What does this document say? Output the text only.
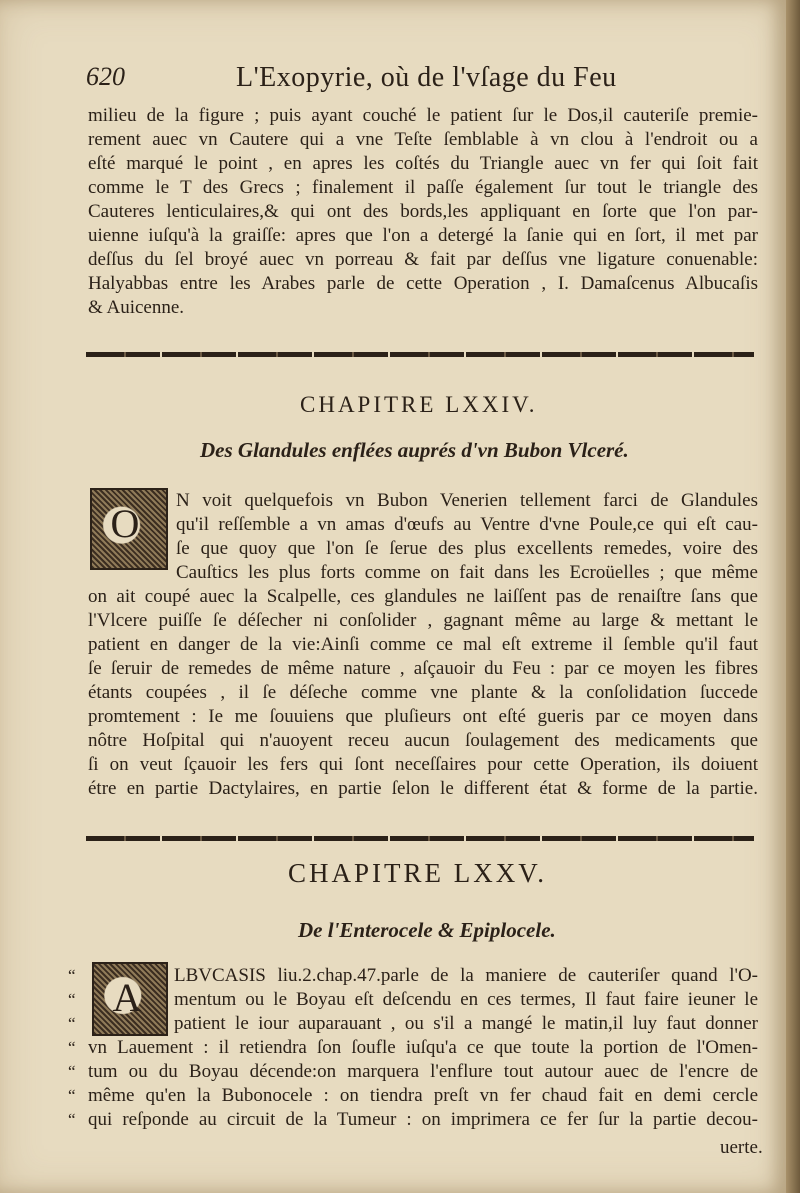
620	L'Exopyrie, où de l'vſage du Feu
milieu de la figure ; puis ayant couché le patient ſur le Dos,il cauteriſe premie-
rement auec vn Cautere qui a vne Teſte ſemblable à vn clou à l'endroit ou a
eſté marqué le point , en apres les coſtés du Triangle auec vn fer qui ſoit fait
comme le T des Grecs ; finalement il paſſe également ſur tout le triangle des
Cauteres lenticulaires,& qui ont des bords,les appliquant en ſorte que l'on par-
uienne iuſqu'à la graiſſe: apres que l'on a detergé la ſanie qui en ſort, il met par
deſſus du ſel broyé auec vn porreau & fait par deſſus vne ligature conuenable:
Halyabbas entre les Arabes parle de cette Operation , I. Damaſcenus Albucaſis
& Auicenne.
CHAPITRE LXXIV.
Des Glandules enflées auprés d'vn Bubon Vlceré.
O
N voit quelquefois vn Bubon Venerien tellement farci de Glandules
qu'il reſſemble a vn amas d'œufs au Ventre d'vne Poule,ce qui eſt cau-
ſe que quoy que l'on ſe ſerue des plus excellents remedes, voire des
Cauſtics les plus forts comme on fait dans les Ecroüelles ; que même
on ait coupé auec la Scalpelle, ces glandules ne laiſſent pas de renaiſtre ſans que
l'Vlcere puiſſe ſe déſecher ni conſolider , gagnant même au large & mettant le
patient en danger de la vie:Ainſi comme ce mal eſt extreme il ſemble qu'il faut
ſe ſeruir de remedes de même nature , aſçauoir du Feu : par ce moyen les fibres
étants coupées , il ſe déſeche comme vne plante & la conſolidation ſuccede
promtement : Ie me ſouuiens que pluſieurs ont eſté gueris par ce moyen dans
nôtre Hoſpital qui n'auoyent receu aucun ſoulagement des medicaments que
ſi on veut ſçauoir les fers qui ſont neceſſaires pour cette Operation, ils doiuent
étre en partie Dactylaires, en partie ſelon le different état & forme de la partie.
CHAPITRE LXXV.
De l'Enterocele & Epiplocele.
A
“
“
“
“
“
“
“
LBVCASIS liu.2.chap.47.parle de la maniere de cauteriſer quand l'O-
mentum ou le Boyau eſt deſcendu en ces termes, Il faut faire ieuner le
patient le iour auparauant , ou s'il a mangé le matin,il luy faut donner
vn Lauement : il retiendra ſon ſoufle iuſqu'a ce que toute la portion de l'Omen-
tum ou du Boyau décende:on marquera l'enflure tout autour auec de l'encre de
même qu'en la Bubonocele : on tiendra preſt vn fer chaud fait en demi cercle
qui reſponde au circuit de la Tumeur : on imprimera ce fer ſur la partie decou-
uerte.
